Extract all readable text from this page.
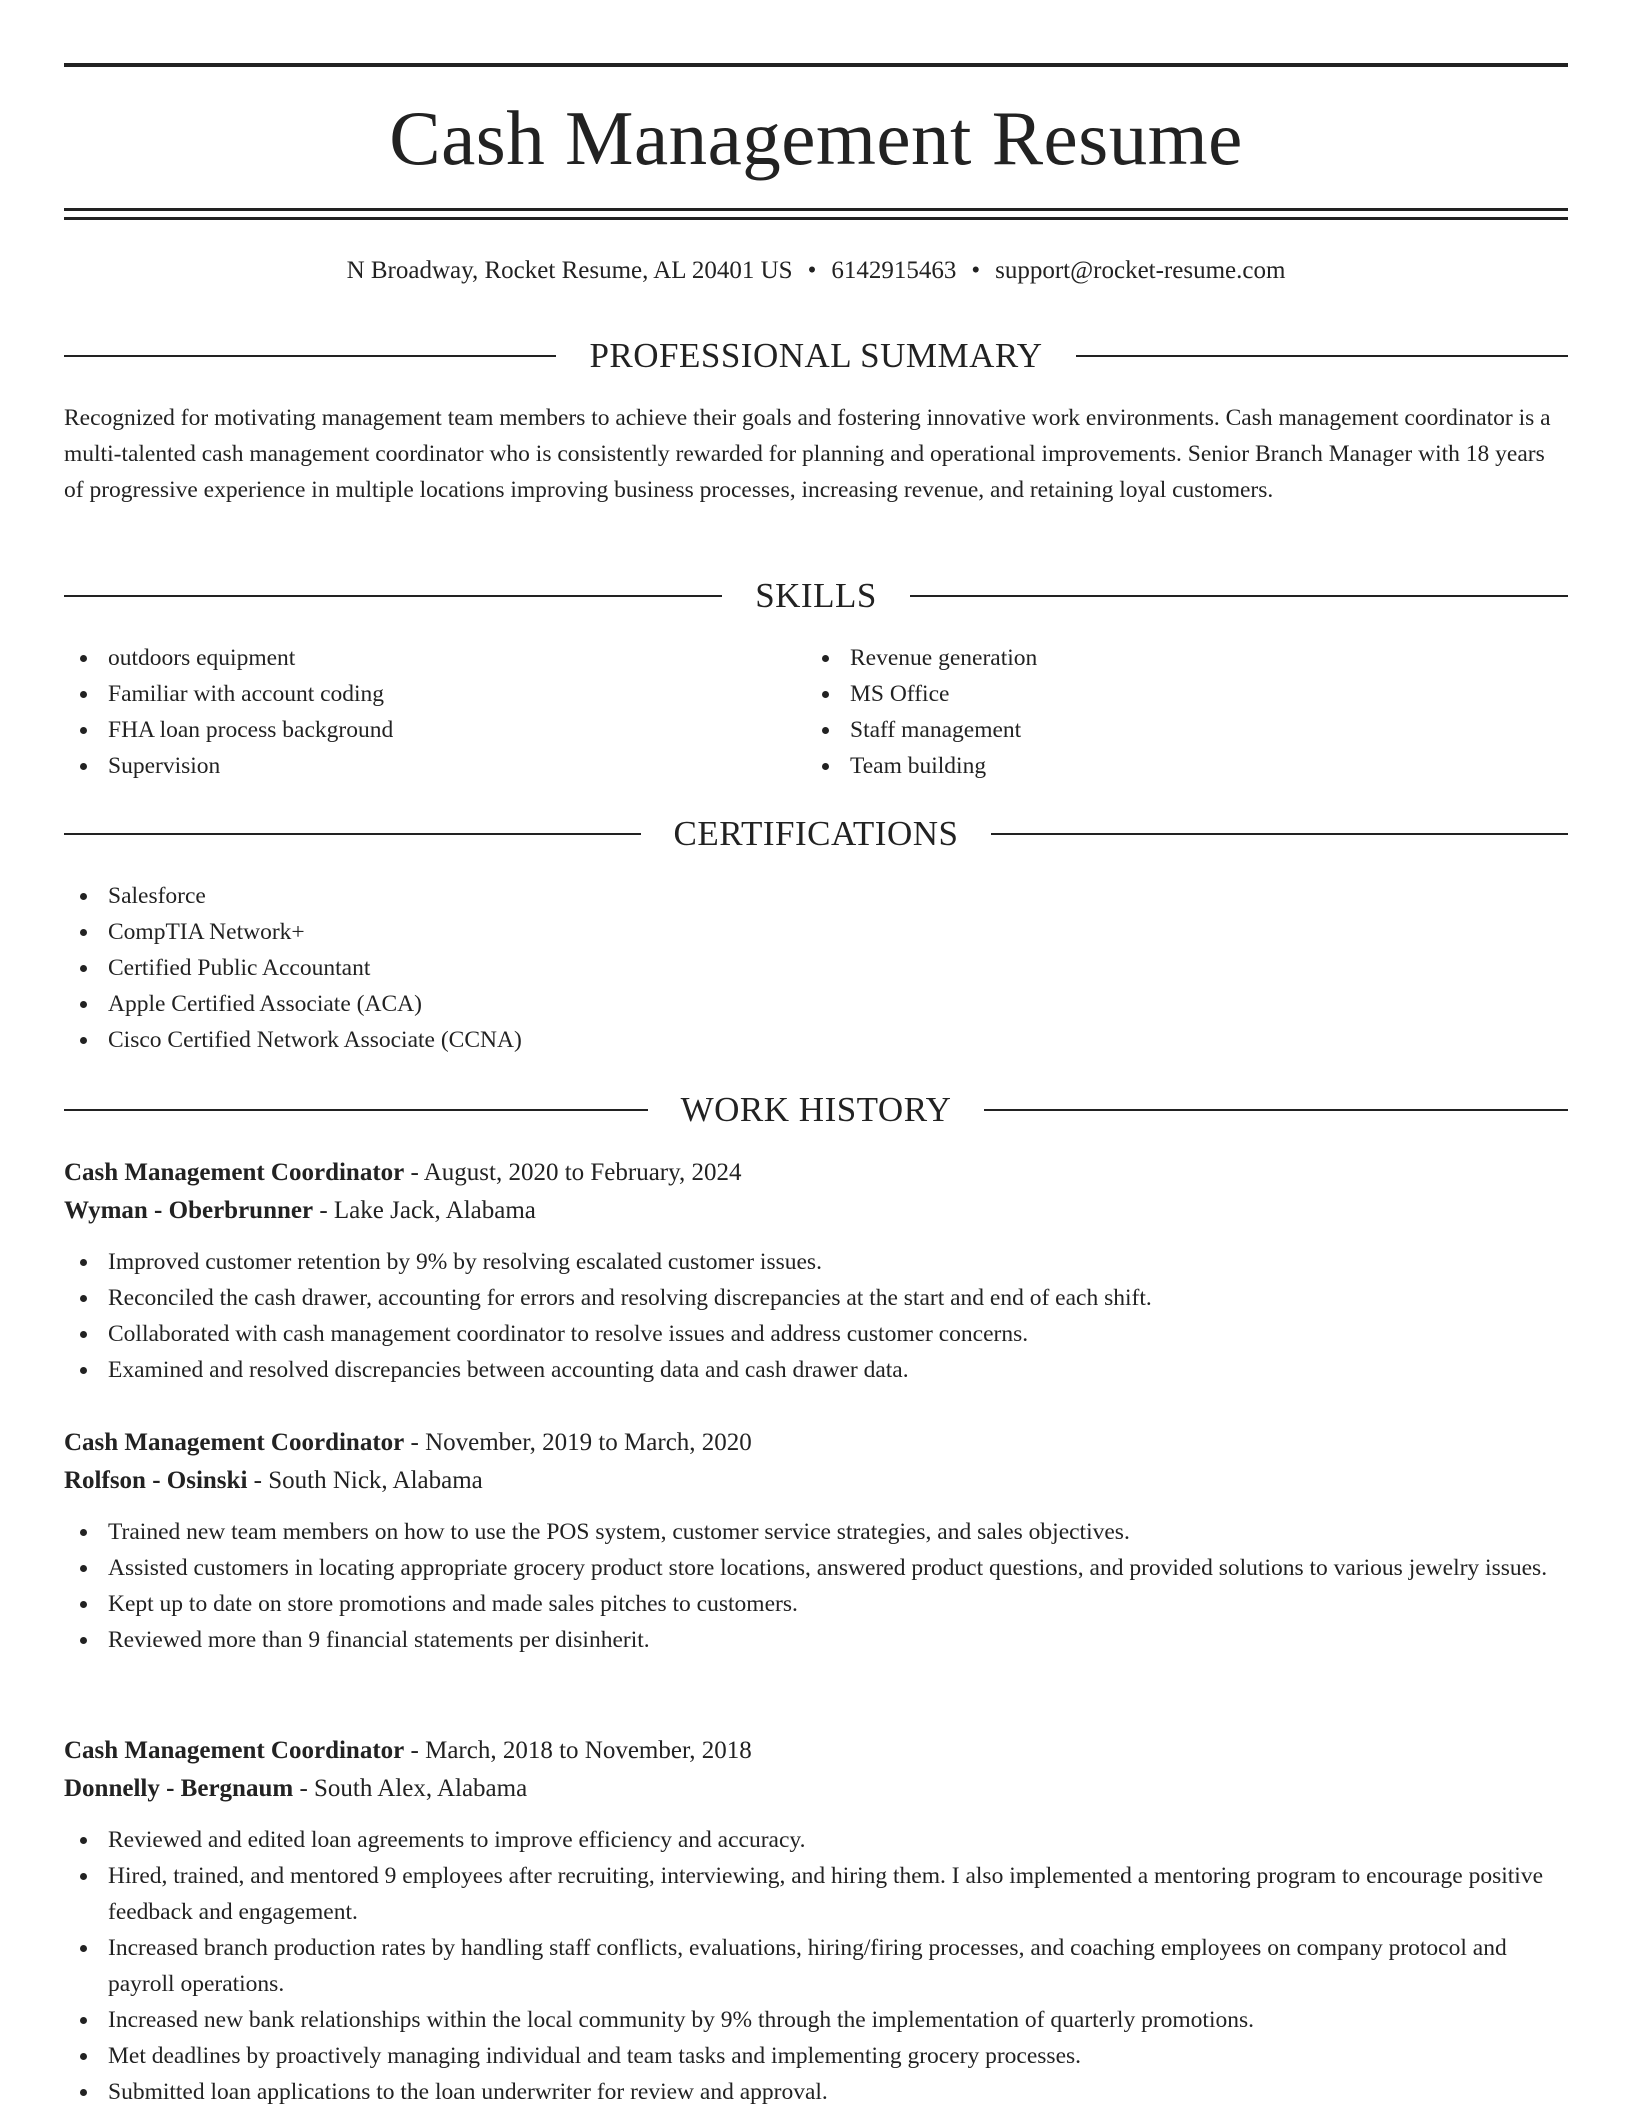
Cash Management Resume
N Broadway, Rocket Resume, AL 20401 US • 6142915463 • support@rocket-resume.com
PROFESSIONAL SUMMARY

Recognized for motivating management team members to achieve their goals and fostering innovative work environments. Cash management coordinator is a multi-talented cash management coordinator who is consistently rewarded for planning and operational improvements. Senior Branch Manager with 18 years of progressive experience in multiple locations improving business processes, increasing revenue, and retaining loyal customers.

SKILLS
outdoors equipment
Familiar with account coding
FHA loan process background
Supervision
Revenue generation
MS Office
Staff management
Team building
CERTIFICATIONS
Salesforce
CompTIA Network+
Certified Public Accountant
Apple Certified Associate (ACA)
Cisco Certified Network Associate (CCNA)
WORK HISTORY
Cash Management Coordinator - August, 2020 to February, 2024
Wyman - Oberbrunner - Lake Jack, Alabama
Improved customer retention by 9% by resolving escalated customer issues.
Reconciled the cash drawer, accounting for errors and resolving discrepancies at the start and end of each shift.
Collaborated with cash management coordinator to resolve issues and address customer concerns.
Examined and resolved discrepancies between accounting data and cash drawer data.
Cash Management Coordinator - November, 2019 to March, 2020
Rolfson - Osinski - South Nick, Alabama
Trained new team members on how to use the POS system, customer service strategies, and sales objectives.
Assisted customers in locating appropriate grocery product store locations, answered product questions, and provided solutions to various jewelry issues.
Kept up to date on store promotions and made sales pitches to customers.
Reviewed more than 9 financial statements per disinherit.
Cash Management Coordinator - March, 2018 to November, 2018
Donnelly - Bergnaum - South Alex, Alabama
Reviewed and edited loan agreements to improve efficiency and accuracy.
Hired, trained, and mentored 9 employees after recruiting, interviewing, and hiring them. I also implemented a mentoring program to encourage positive feedback and engagement.
Increased branch production rates by handling staff conflicts, evaluations, hiring/firing processes, and coaching employees on company protocol and payroll operations.
Increased new bank relationships within the local community by 9% through the implementation of quarterly promotions.
Met deadlines by proactively managing individual and team tasks and implementing grocery processes.
Submitted loan applications to the loan underwriter for review and approval.
